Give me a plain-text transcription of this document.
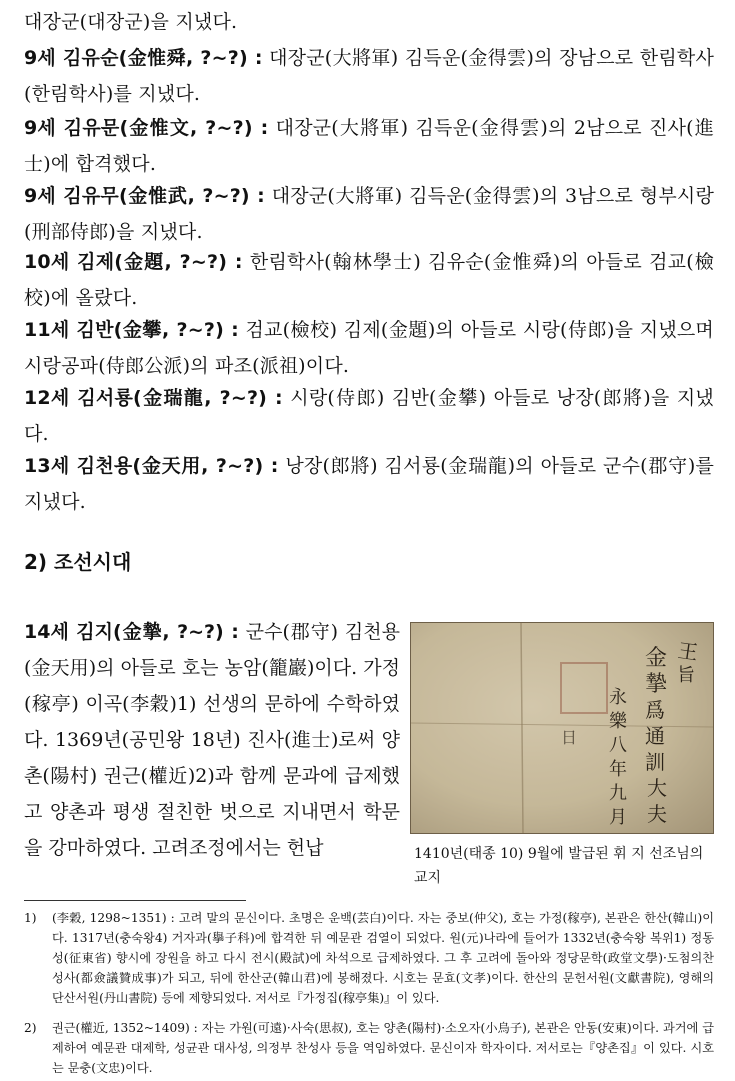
대장군(대장군)을 지냈다.
9세 김유순(金惟舜, ?~?) : 대장군(大將軍) 김득운(金得雲)의 장남으로 한림학사(한림학사)를 지냈다.
9세 김유문(金惟文, ?~?) : 대장군(大將軍) 김득운(金得雲)의 2남으로 진사(進士)에 합격했다.
9세 김유무(金惟武, ?~?) : 대장군(大將軍) 김득운(金得雲)의 3남으로 형부시랑(刑部侍郎)을 지냈다.
10세 김제(金題, ?~?) : 한림학사(翰林學士) 김유순(金惟舜)의 아들로 검교(檢校)에 올랐다.
11세 김반(金攀, ?~?) : 검교(檢校) 김제(金題)의 아들로 시랑(侍郎)을 지냈으며 시랑공파(侍郎公派)의 파조(派祖)이다.
12세 김서룡(金瑞龍, ?~?) : 시랑(侍郎) 김반(金攀) 아들로 낭장(郎將)을 지냈다.
13세 김천용(金天用, ?~?) : 낭장(郎將) 김서룡(金瑞龍)의 아들로 군수(郡守)를 지냈다.
2) 조선시대
14세 김지(金摯, ?~?) : 군수(郡守) 김천용(金天用)의 아들로 호는 농암(籠巖)이다. 가정(稼亭) 이곡(李穀)1) 선생의 문하에 수학하였다. 1369년(공민왕 18년) 진사(進士)로써 양촌(陽村) 권근(權近)2)과 함께 문과에 급제했고 양촌과 평생 절친한 벗으로 지내면서 학문을 강마하였다. 고려조정에서는 헌납
王
旨
金
摯
爲
通
訓
大
夫
永
樂
八
年
九
月
日
1410년(태종 10) 9월에 발급된 휘 지 선조님의 교지
1) (李穀, 1298~1351) : 고려 말의 문신이다. 초명은 운백(芸白)이다. 자는 중보(仲父), 호는 가정(稼亭), 본관은 한산(韓山)이다. 1317년(충숙왕4) 거자과(擧子科)에 합격한 뒤 예문관 검열이 되었다. 원(元)나라에 들어가 1332년(충숙왕 복위1) 정동성(征東省) 향시에 장원을 하고 다시 전시(殿試)에 차석으로 급제하였다. 그 후 고려에 돌아와 정당문학(政堂文學)·도첨의찬성사(都僉議贊成事)가 되고, 뒤에 한산군(韓山君)에 봉해졌다. 시호는 문효(文孝)이다. 한산의 문헌서원(文獻書院), 영해의 단산서원(丹山書院) 등에 제향되었다. 저서로『가정집(稼亭集)』이 있다.
2) 권근(權近, 1352~1409) : 자는 가원(可遠)·사숙(思叔), 호는 양촌(陽村)·소오자(小烏子), 본관은 안동(安東)이다. 과거에 급제하여 예문관 대제학, 성균관 대사성, 의정부 찬성사 등을 역임하였다. 문신이자 학자이다. 저서로는『양촌집』이 있다. 시호는 문충(文忠)이다.
